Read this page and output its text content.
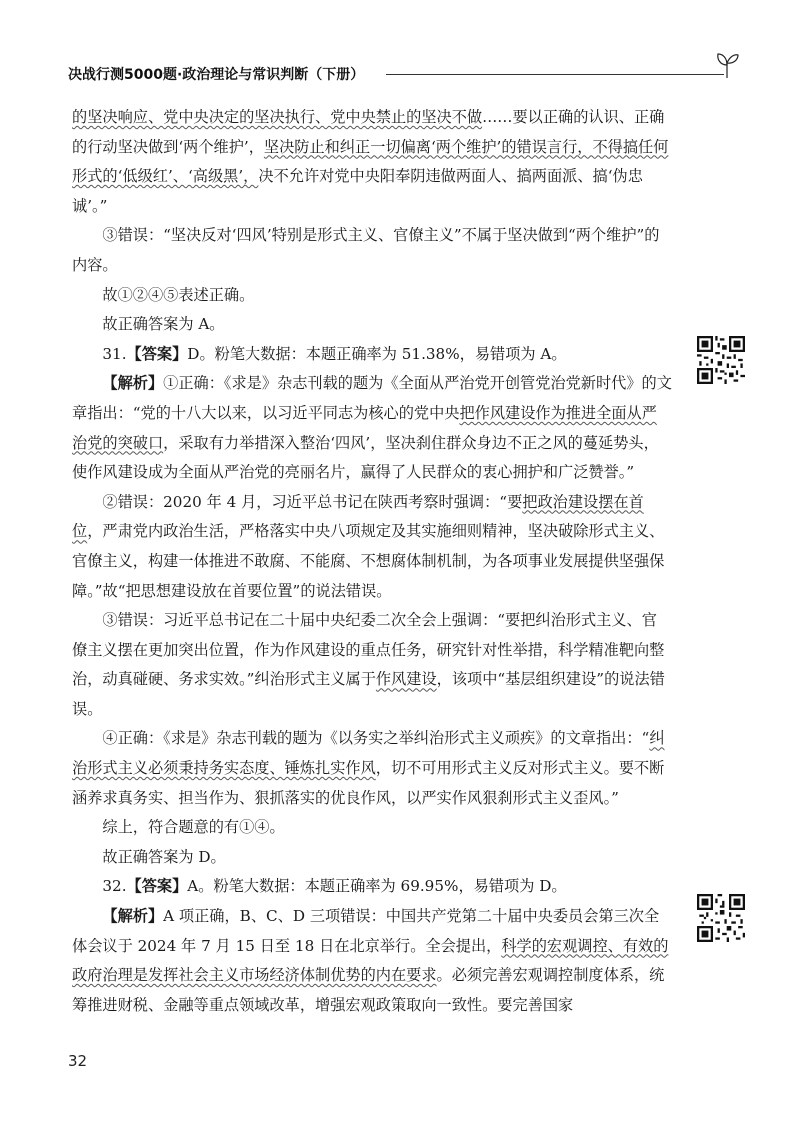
决战行测5000题·政治理论与常识判断（下册）

的坚决响应、党中央决定的坚决执行、党中央禁止的坚决不做……要以正确的认识、正确的行动坚决做到‘两个维护’，坚决防止和纠正一切偏离‘两个维护’的错误言行，不得搞任何形式的‘低级红’、‘高级黑’，决不允许对党中央阳奉阴违做两面人、搞两面派、搞‘伪忠诚’。”

③错误：“坚决反对‘四风’特别是形式主义、官僚主义”不属于坚决做到“两个维护”的内容。

故①②④⑤表述正确。

故正确答案为 A。

31.【答案】D。粉笔大数据：本题正确率为 51.38%，易错项为 A。

【解析】①正确：《求是》杂志刊载的题为《全面从严治党开创管党治党新时代》的文章指出：“党的十八大以来，以习近平同志为核心的党中央把作风建设作为推进全面从严治党的突破口，采取有力举措深入整治‘四风’，坚决刹住群众身边不正之风的蔓延势头，使作风建设成为全面从严治党的亮丽名片，赢得了人民群众的衷心拥护和广泛赞誉。”

②错误：2020 年 4 月，习近平总书记在陕西考察时强调：“要把政治建设摆在首位，严肃党内政治生活，严格落实中央八项规定及其实施细则精神，坚决破除形式主义、官僚主义，构建一体推进不敢腐、不能腐、不想腐体制机制，为各项事业发展提供坚强保障。”故“把思想建设放在首要位置”的说法错误。

③错误：习近平总书记在二十届中央纪委二次全会上强调：“要把纠治形式主义、官僚主义摆在更加突出位置，作为作风建设的重点任务，研究针对性举措，科学精准靶向整治，动真碰硬、务求实效。”纠治形式主义属于作风建设，该项中“基层组织建设”的说法错误。

④正确：《求是》杂志刊载的题为《以务实之举纠治形式主义顽疾》的文章指出：“纠治形式主义必须秉持务实态度、锤炼扎实作风，切不可用形式主义反对形式主义。要不断涵养求真务实、担当作为、狠抓落实的优良作风，以严实作风狠刹形式主义歪风。”

综上，符合题意的有①④。

故正确答案为 D。

32.【答案】A。粉笔大数据：本题正确率为 69.95%，易错项为 D。

【解析】A 项正确，B、C、D 三项错误：中国共产党第二十届中央委员会第三次全体会议于 2024 年 7 月 15 日至 18 日在北京举行。全会提出，科学的宏观调控、有效的政府治理是发挥社会主义市场经济体制优势的内在要求。必须完善宏观调控制度体系，统筹推进财税、金融等重点领域改革，增强宏观政策取向一致性。要完善国家

32
